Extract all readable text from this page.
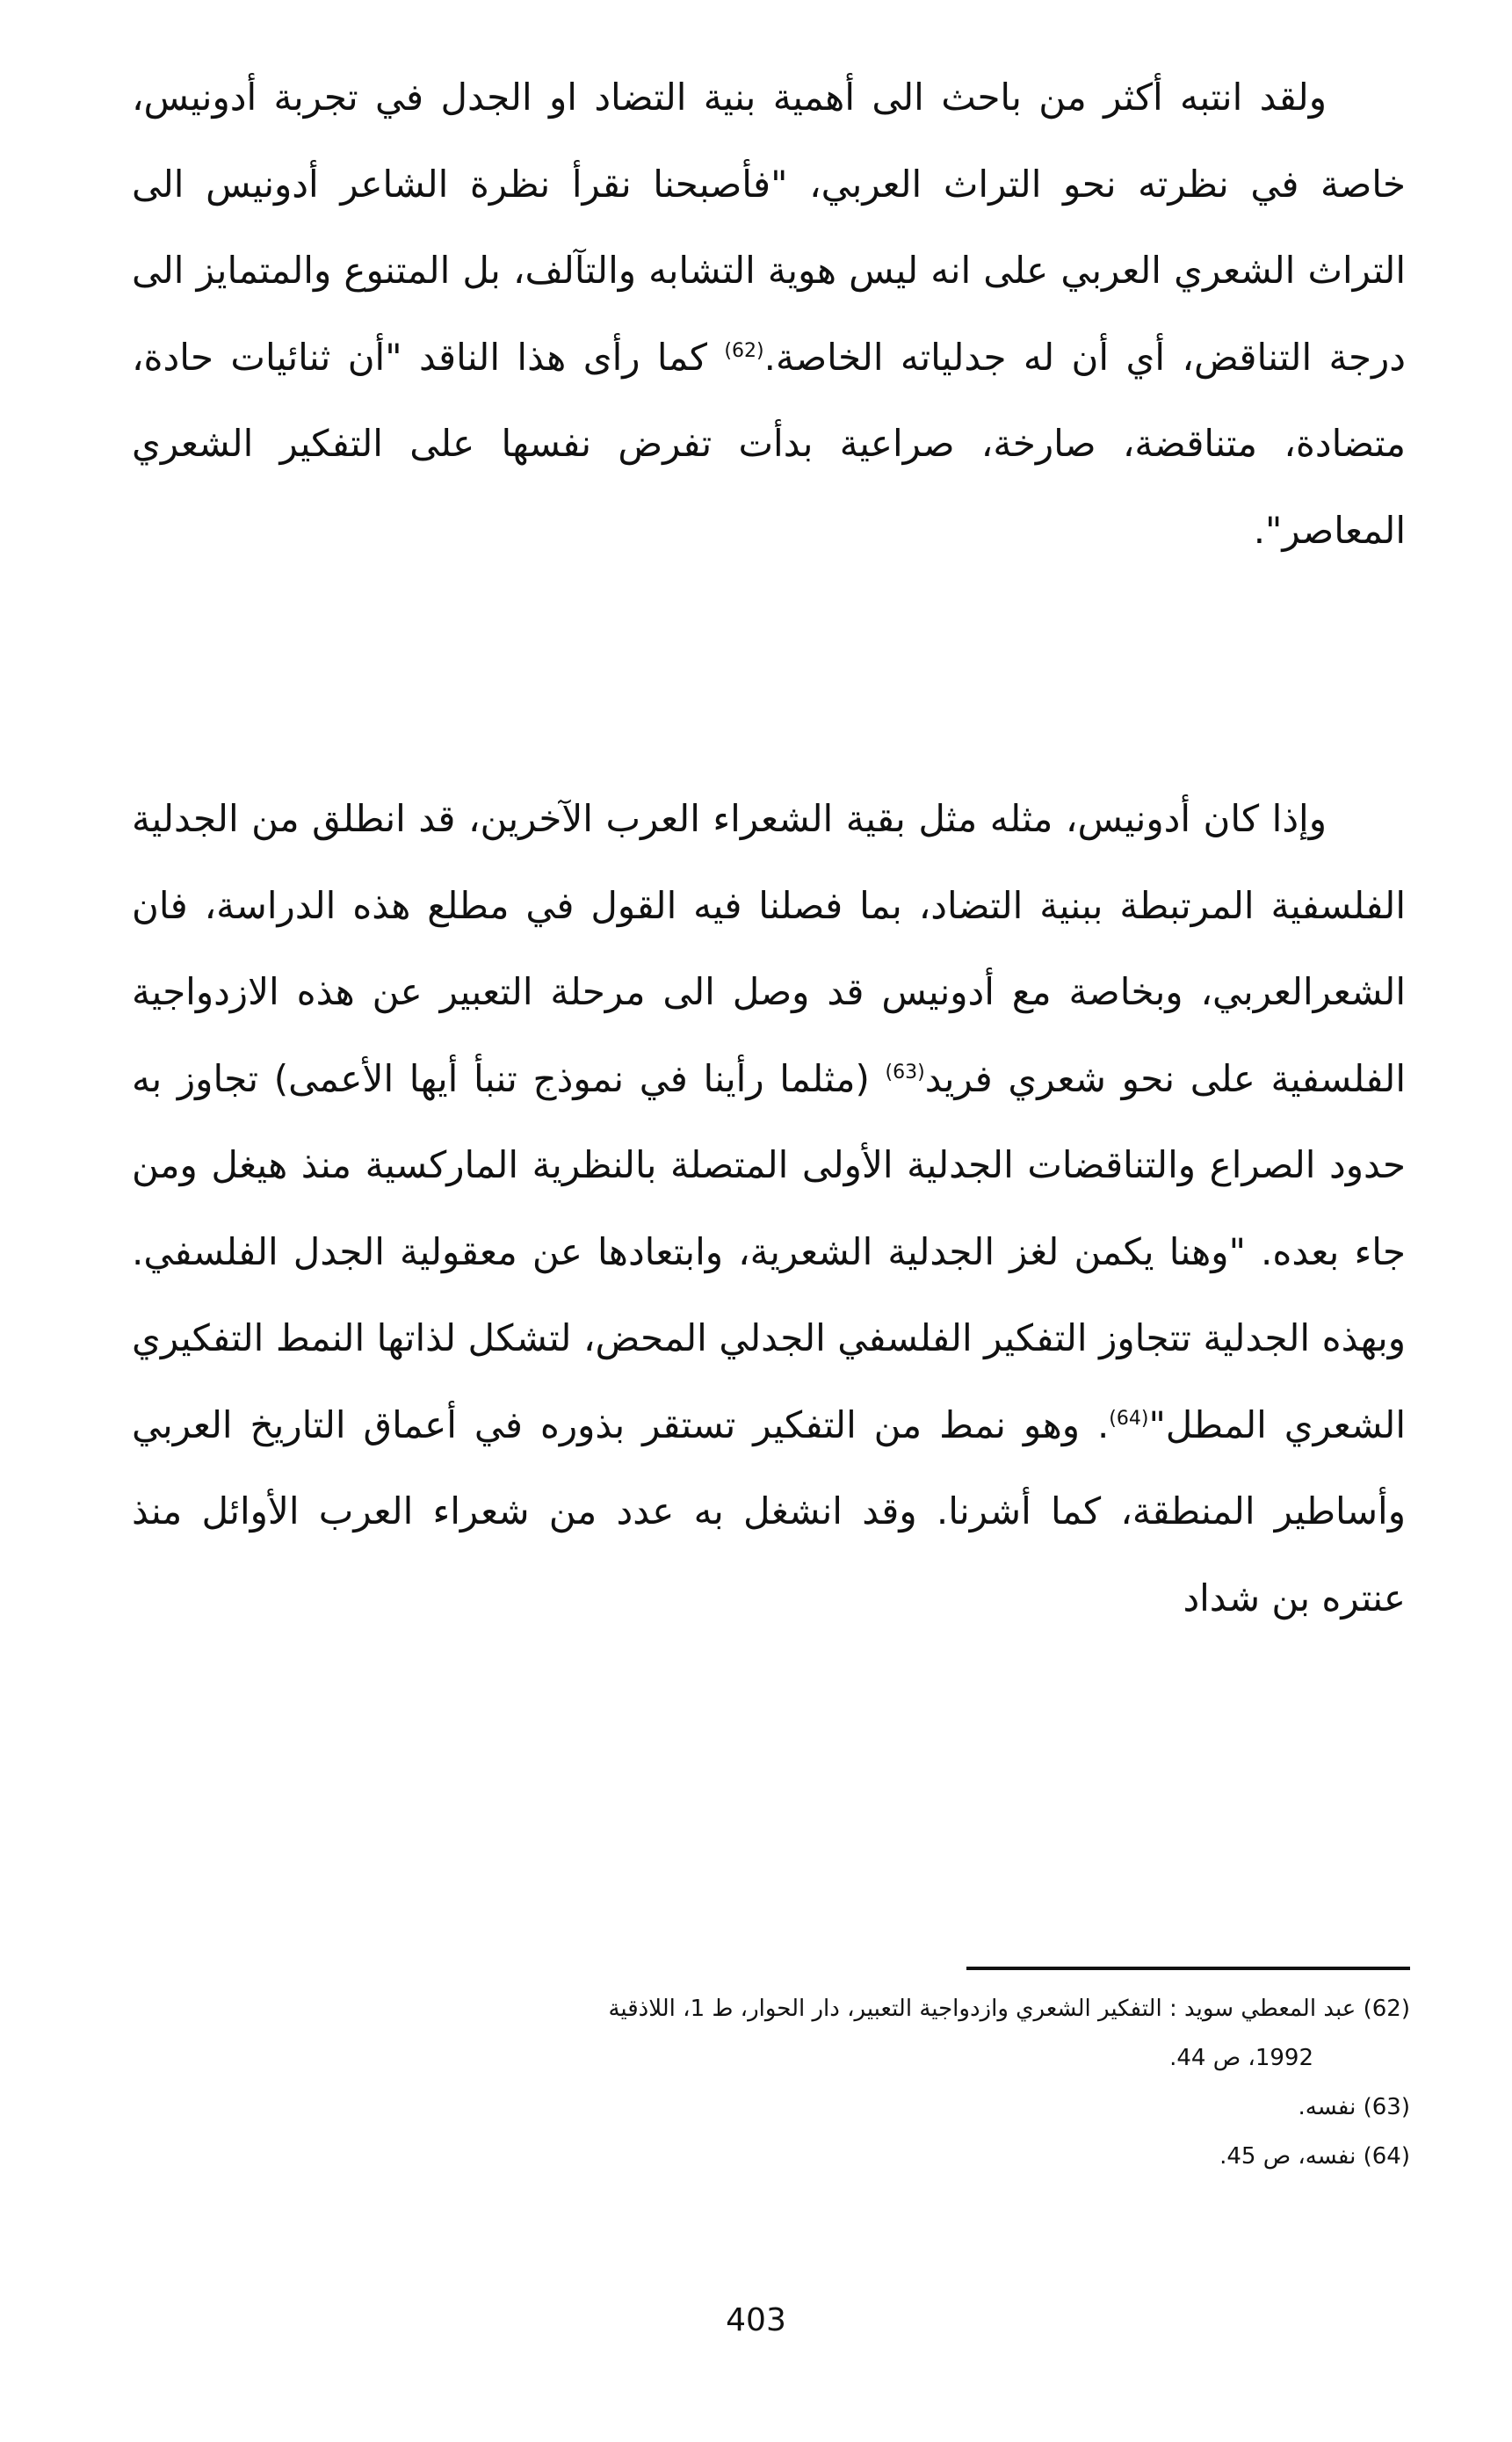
ولقد انتبه أكثر من باحث الى أهمية بنية التضاد او الجدل في تجربة أدونيس، خاصة في نظرته نحو التراث العربي، "فأصبحنا نقرأ نظرة الشاعر أدونيس الى التراث الشعري العربي على انه ليس هوية التشابه والتآلف، بل المتنوع والمتمايز الى درجة التناقض، أي أن له جدلياته الخاصة.$^{(62)}$ كما رأى هذا الناقد "أن ثنائيات حادة، متضادة، متناقضة، صارخة، صراعية بدأت تفرض نفسها على التفكير الشعري المعاصر".

وإذا كان أدونيس، مثله مثل بقية الشعراء العرب الآخرين، قد انطلق من الجدلية الفلسفية المرتبطة ببنية التضاد، بما فصلنا فيه القول في مطلع هذه الدراسة، فان الشعرالعربي، وبخاصة مع أدونيس قد وصل الى مرحلة التعبير عن هذه الازدواجية الفلسفية على نحو شعري فريد$^{(63)}$ (مثلما رأينا في نموذج تنبأ أيها الأعمى) تجاوز به حدود الصراع والتناقضات الجدلية الأولى المتصلة بالنظرية الماركسية منذ هيغل ومن جاء بعده. "وهنا يكمن لغز الجدلية الشعرية، وابتعادها عن معقولية الجدل الفلسفي. وبهذه الجدلية تتجاوز التفكير الفلسفي الجدلي المحض، لتشكل لذاتها النمط التفكيري الشعري المطل"$^{(64)}$. وهو نمط من التفكير تستقر بذوره في أعماق التاريخ العربي وأساطير المنطقة، كما أشرنا. وقد انشغل به عدد من شعراء العرب الأوائل منذ عنتره بن شداد

(62) عبد المعطي سويد : التفكير الشعري وازدواجية التعبير، دار الحوار، ط 1، اللاذقية
1992، ص 44.

(63) نفسه.

(64) نفسه، ص 45.

403
